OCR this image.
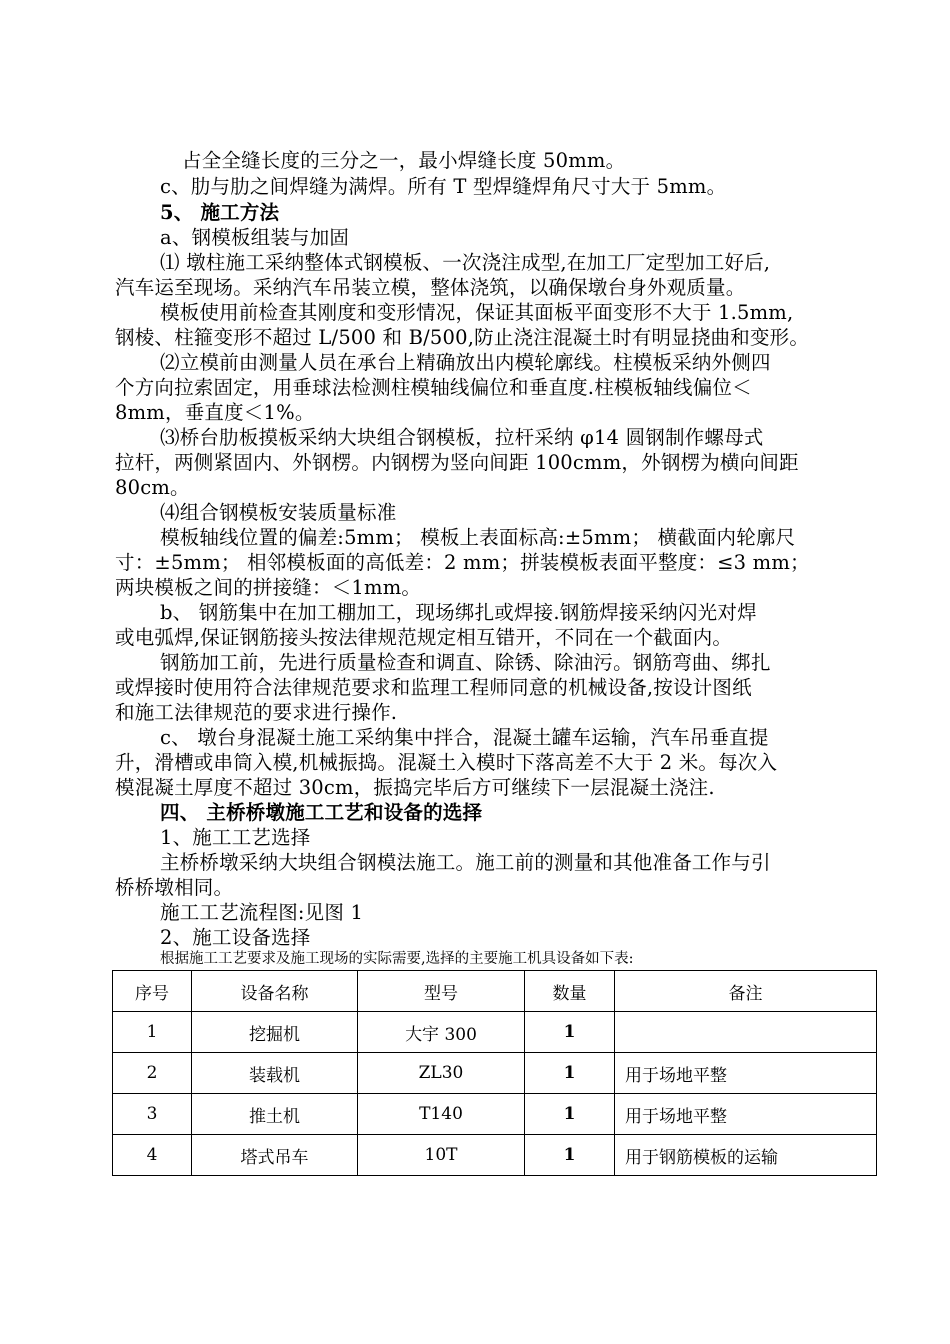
占全全缝长度的三分之一，最小焊缝长度 50mm。
c、肋与肋之间焊缝为满焊。所有 T 型焊缝焊角尺寸大于 5mm。
5、 施工方法
a、钢模板组装与加固
⑴ 墩柱施工采纳整体式钢模板、一次浇注成型,在加工厂定型加工好后,
汽车运至现场。采纳汽车吊装立模，整体浇筑，以确保墩台身外观质量。
模板使用前检查其刚度和变形情况，保证其面板平面变形不大于 1.5mm,
钢棱、柱箍变形不超过 L/500 和 B/500,防止浇注混凝土时有明显挠曲和变形。
⑵立模前由测量人员在承台上精确放出内模轮廓线。柱模板采纳外侧四
个方向拉索固定，用垂球法检测柱模轴线偏位和垂直度.柱模板轴线偏位＜
8mm，垂直度＜1%。
⑶桥台肋板摸板采纳大块组合钢模板，拉杆采纳 φ14 圆钢制作螺母式
拉杆，两侧紧固内、外钢楞。内钢楞为竖向间距 100cmm，外钢楞为横向间距
80cm。
⑷组合钢模板安装质量标准
模板轴线位置的偏差:5mm； 模板上表面标高:±5mm； 横截面内轮廓尺
寸：±5mm； 相邻模板面的高低差：2 mm；拼装模板表面平整度：≤3 mm；
两块模板之间的拼接缝：＜1mm。
b、 钢筋集中在加工棚加工，现场绑扎或焊接.钢筋焊接采纳闪光对焊
或电弧焊,保证钢筋接头按法律规范规定相互错开，不同在一个截面内。
钢筋加工前，先进行质量检查和调直、除锈、除油污。钢筋弯曲、绑扎
或焊接时使用符合法律规范要求和监理工程师同意的机械设备,按设计图纸
和施工法律规范的要求进行操作.
c、 墩台身混凝土施工采纳集中拌合，混凝土罐车运输，汽车吊垂直提
升，滑槽或串筒入模,机械振捣。混凝土入模时下落高差不大于 2 米。每次入
模混凝土厚度不超过 30cm，振捣完毕后方可继续下一层混凝土浇注.
四、 主桥桥墩施工工艺和设备的选择
1、施工工艺选择
主桥桥墩采纳大块组合钢模法施工。施工前的测量和其他准备工作与引
桥桥墩相同。
施工工艺流程图:见图 1
2、施工设备选择
根据施工工艺要求及施工现场的实际需要,选择的主要施工机具设备如下表:
序号	设备名称	型号	数量	备注
1	挖掘机	大宇 300	1	
2	装载机	ZL30	1	用于场地平整
3	推土机	T140	1	用于场地平整
4	塔式吊车	10T	1	用于钢筋模板的运输
